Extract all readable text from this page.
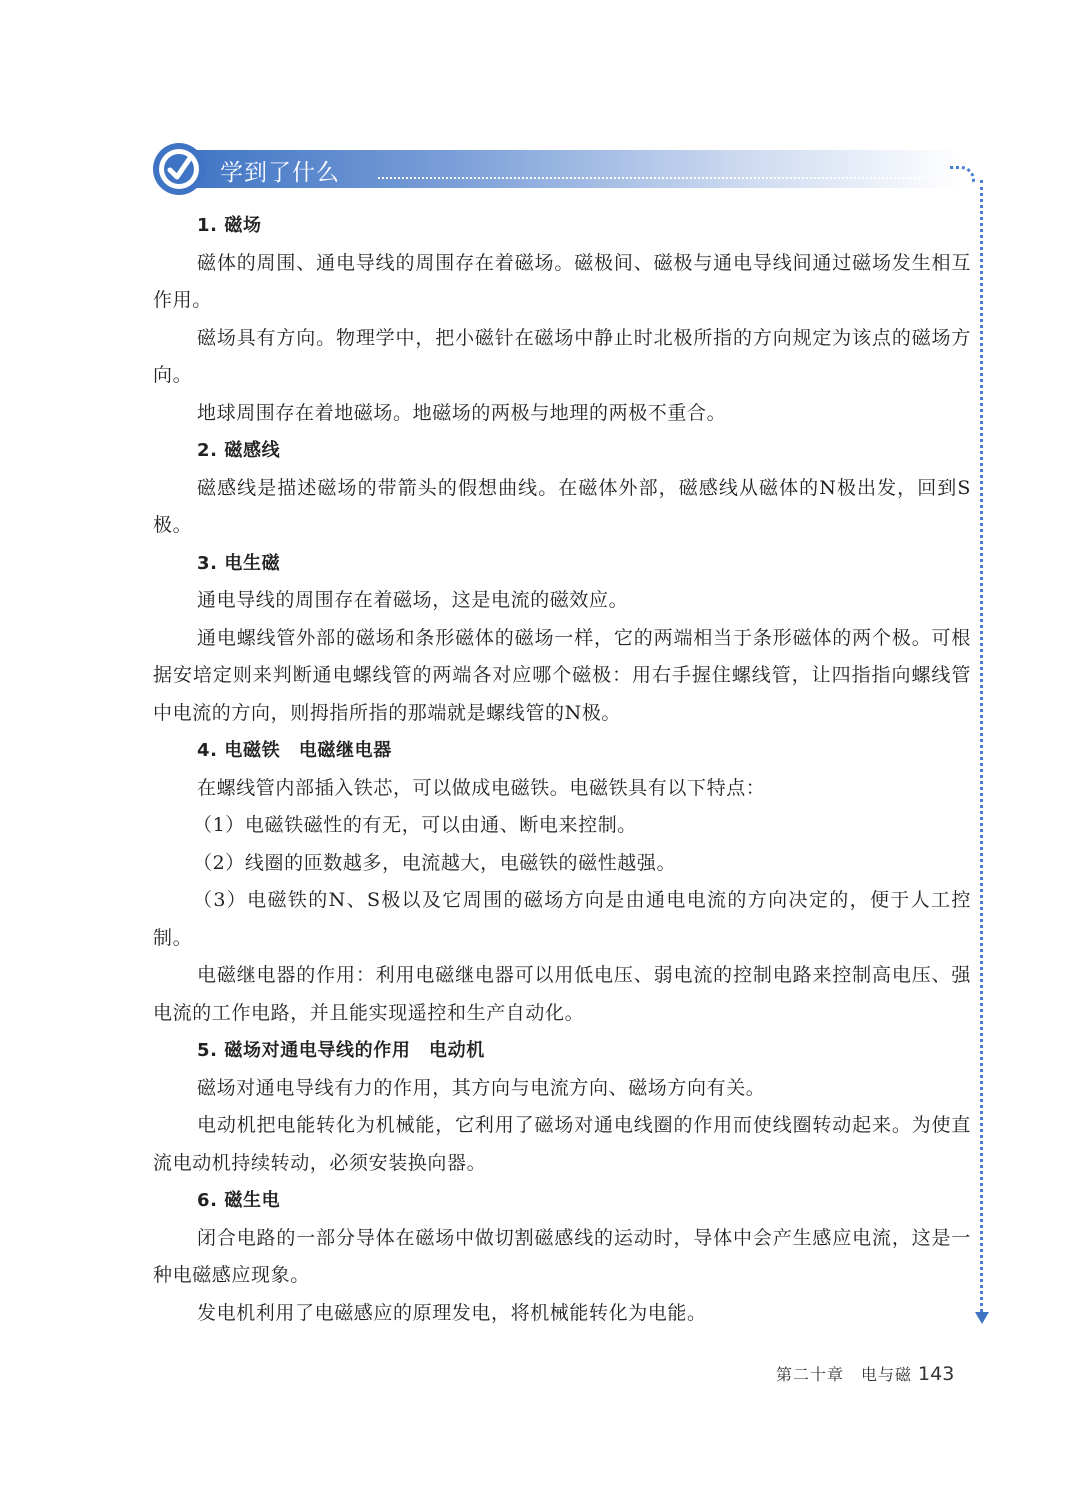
学到了什么

1. 磁场

磁体的周围、通电导线的周围存在着磁场。磁极间、磁极与通电导线间通过磁场发生相互作用。

磁场具有方向。物理学中，把小磁针在磁场中静止时北极所指的方向规定为该点的磁场方向。

地球周围存在着地磁场。地磁场的两极与地理的两极不重合。

2. 磁感线

磁感线是描述磁场的带箭头的假想曲线。在磁体外部，磁感线从磁体的N极出发，回到S极。

3. 电生磁

通电导线的周围存在着磁场，这是电流的磁效应。

通电螺线管外部的磁场和条形磁体的磁场一样，它的两端相当于条形磁体的两个极。可根据安培定则来判断通电螺线管的两端各对应哪个磁极：用右手握住螺线管，让四指指向螺线管中电流的方向，则拇指所指的那端就是螺线管的N极。

4. 电磁铁　电磁继电器

在螺线管内部插入铁芯，可以做成电磁铁。电磁铁具有以下特点：

（1）电磁铁磁性的有无，可以由通、断电来控制。

（2）线圈的匝数越多，电流越大，电磁铁的磁性越强。

（3）电磁铁的N、S极以及它周围的磁场方向是由通电电流的方向决定的，便于人工控制。

电磁继电器的作用：利用电磁继电器可以用低电压、弱电流的控制电路来控制高电压、强电流的工作电路，并且能实现遥控和生产自动化。

5. 磁场对通电导线的作用　电动机

磁场对通电导线有力的作用，其方向与电流方向、磁场方向有关。

电动机把电能转化为机械能，它利用了磁场对通电线圈的作用而使线圈转动起来。为使直流电动机持续转动，必须安装换向器。

6. 磁生电

闭合电路的一部分导体在磁场中做切割磁感线的运动时，导体中会产生感应电流，这是一种电磁感应现象。

发电机利用了电磁感应的原理发电，将机械能转化为电能。

第二十章　电与磁 143
